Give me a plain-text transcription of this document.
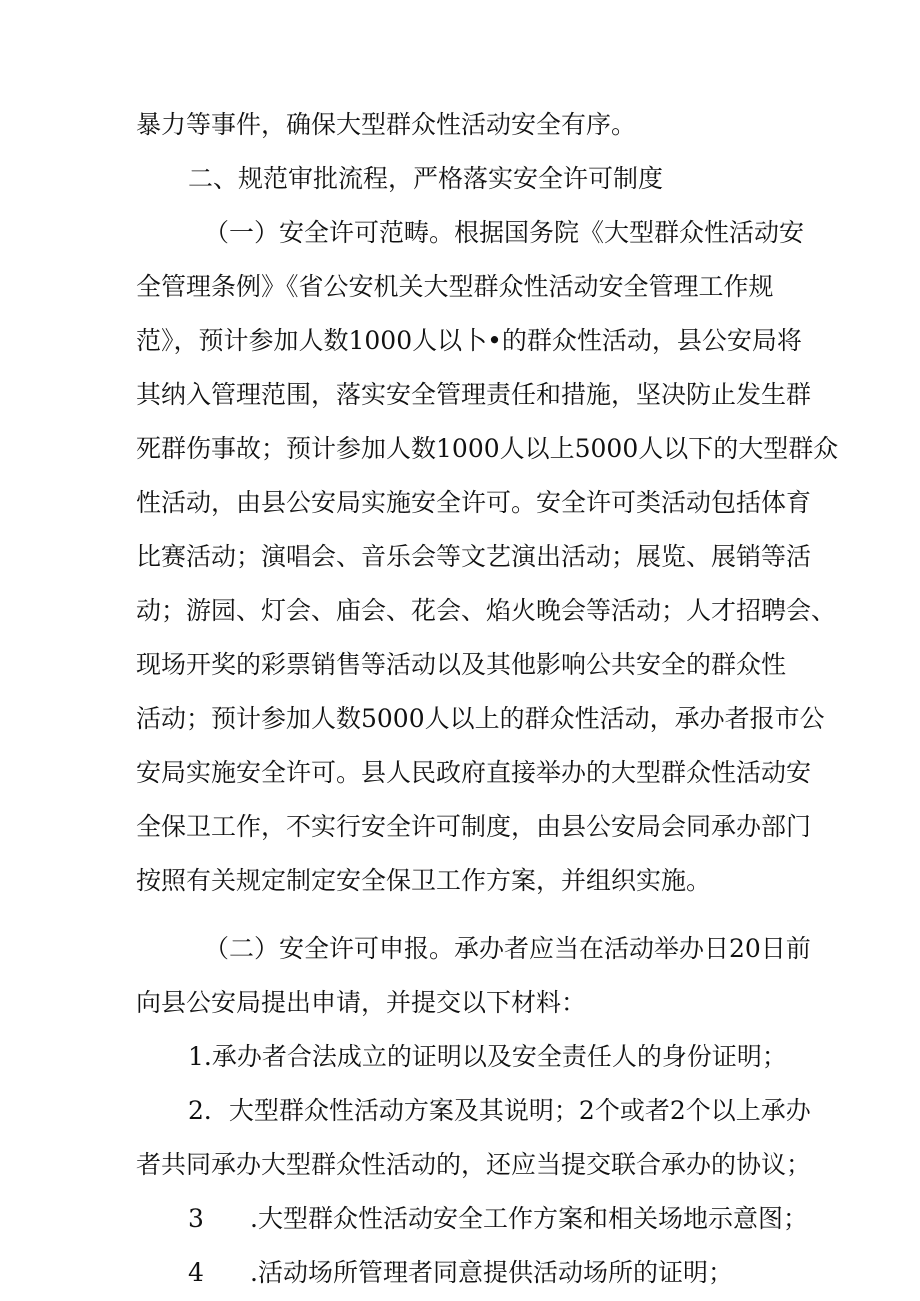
暴力等事件，确保大型群众性活动安全有序。
二、规范审批流程，严格落实安全许可制度
（一）安全许可范畴。根据国务院《大型群众性活动安
全管理条例》《省公安机关大型群众性活动安全管理工作规
范》，预计参加人数1000人以卜•的群众性活动，县公安局将
其纳入管理范围，落实安全管理责任和措施，坚决防止发生群
死群伤事故；预计参加人数1000人以上5000人以下的大型群众
性活动，由县公安局实施安全许可。安全许可类活动包括体育
比赛活动；演唱会、音乐会等文艺演出活动；展览、展销等活
动；游园、灯会、庙会、花会、焰火晚会等活动；人才招聘会、
现场开奖的彩票销售等活动以及其他影响公共安全的群众性
活动；预计参加人数5000人以上的群众性活动，承办者报市公
安局实施安全许可。县人民政府直接举办的大型群众性活动安
全保卫工作，不实行安全许可制度，由县公安局会同承办部门
按照有关规定制定安全保卫工作方案，并组织实施。
（二）安全许可申报。承办者应当在活动举办日20日前
向县公安局提出申请，并提交以下材料：
1.承办者合法成立的证明以及安全责任人的身份证明；
2．大型群众性活动方案及其说明；2个或者2个以上承办
者共同承办大型群众性活动的，还应当提交联合承办的协议；
3 .大型群众性活动安全工作方案和相关场地示意图；
4 .活动场所管理者同意提供活动场所的证明；
